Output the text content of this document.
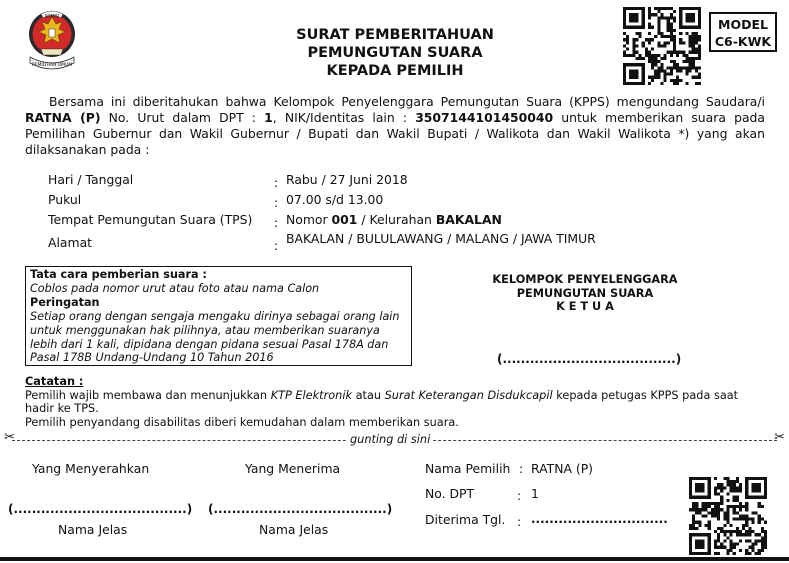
KOMISI
PEMILIHAN UMUM
SURAT PEMBERITAHUAN
PEMUNGUTAN SUARA
KEPADA PEMILIH
MODEL
C6-KWK
Bersama ini diberitahukan bahwa Kelompok Penyelenggara Pemungutan Suara (KPPS) mengundang Saudara/i RATNA (P) No. Urut dalam DPT : 1, NIK/Identitas lain : 3507144101450040 untuk memberikan suara pada Pemilihan Gubernur dan Wakil Gubernur / Bupati dan Wakil Bupati / Walikota dan Wakil Walikota *) yang akan dilaksanakan pada :
Hari / Tanggal	: Rabu / 27 Juni 2018
Pukul	: 07.00 s/d 13.00
Tempat Pemungutan Suara (TPS) : Nomor 001 / Kelurahan BAKALAN
Alamat	: BAKALAN / BULULAWANG / MALANG / JAWA TIMUR
Tata cara pemberian suara :
Coblos pada nomor urut atau foto atau nama Calon
Peringatan
Setiap orang dengan sengaja mengaku dirinya sebagai orang lain untuk menggunakan hak pilihnya, atau memberikan suaranya lebih dari 1 kali, dipidana dengan pidana sesuai Pasal 178A dan Pasal 178B Undang-Undang 10 Tahun 2016
KELOMPOK PENYELENGGARA
PEMUNGUTAN SUARA
K E T U A
(......................................)
Catatan :
Pemilih wajib membawa dan menunjukkan KTP Elektronik atau Surat Keterangan Disdukcapil kepada petugas KPPS pada saat hadir ke TPS.
Pemilih penyandang disabilitas diberi kemudahan dalam memberikan suara.
✂	gunting di sini	✂
Yang Menyerahkan	Yang Menerima
(......................................) (......................................)
Nama Jelas	Nama Jelas
Nama Pemilih : RATNA (P)
No. DPT	: 1
Diterima Tgl. : ..............................
